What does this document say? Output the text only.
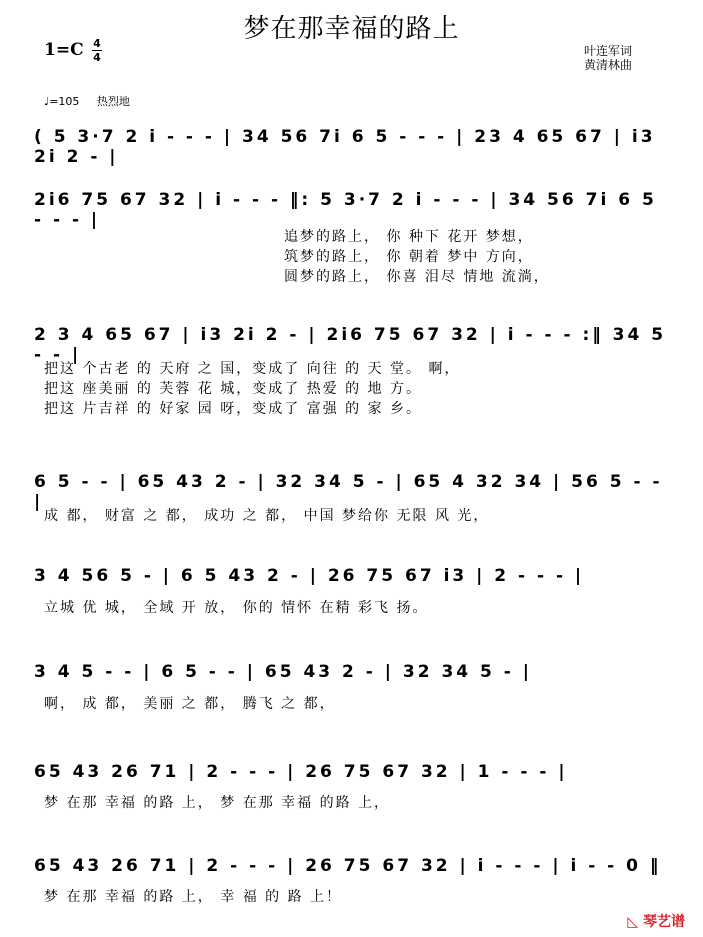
梦在那幸福的路上
1=C 4
4	叶连军词
黄清林曲
♩=105 热烈地
( 5 3·7 2 i - - - | 34 56 7i 6 5 - - - | 23 4 65 67 | i3 2i 2 - |
2i6 75 67 32 | i - - - ‖: 5 3·7 2 i - - - | 34 56 7i 6 5 - - - |
追梦的路上， 你 种下 花开 梦想，
筑梦的路上， 你 朝着 梦中 方向，
圆梦的路上， 你喜 泪尽 情地 流淌，
2 3 4 65 67 | i3 2i 2 - | 2i6 75 67 32 | i - - - :‖ 34 5 - - |
把这 个古老 的 天府 之 国，变成了 向往 的 天 堂。 啊，
把这 座美丽 的 芙蓉 花 城，变成了 热爱 的 地 方。
把这 片吉祥 的 好家 园 呀，变成了 富强 的 家 乡。
6 5 - - | 65 43 2 - | 32 34 5 - | 65 4 32 34 | 56 5 - - |
成 都， 财富 之 都， 成功 之 都， 中国 梦给你 无限 风 光，
3 4 56 5 - | 6 5 43 2 - | 26 75 67 i3 | 2 - - - |
立城 优 城， 全域 开 放， 你的 情怀 在精 彩飞 扬。
3 4 5 - - | 6 5 - - | 65 43 2 - | 32 34 5 - |
啊， 成 都， 美丽 之 都， 腾飞 之 都，
65 43 26 71 | 2 - - - | 26 75 67 32 | 1 - - - |
梦 在那 幸福 的路 上， 梦 在那 幸福 的路 上，
65 43 26 71 | 2 - - - | 26 75 67 32 | i - - - | i - - 0 ‖
梦 在那 幸福 的路 上， 幸 福 的 路 上！
◺ 琴艺谱
